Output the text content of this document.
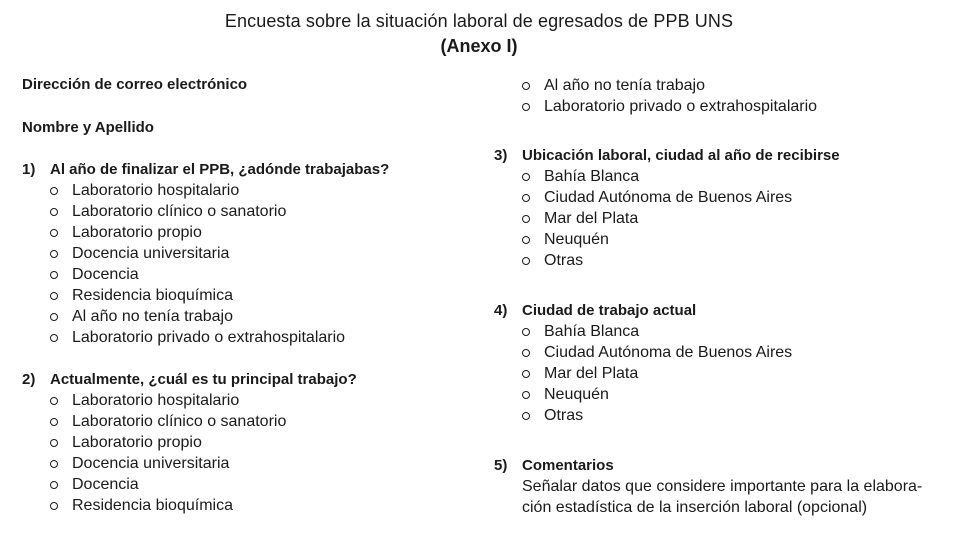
Encuesta sobre la situación laboral de egresados de PPB UNS
(Anexo I)
Dirección de correo electrónico
Nombre y Apellido
1) Al año de finalizar el PPB, ¿adónde trabajabas?
Laboratorio hospitalario
Laboratorio clínico o sanatorio
Laboratorio propio
Docencia universitaria
Docencia
Residencia bioquímica
Al año no tenía trabajo
Laboratorio privado o extrahospitalario
2) Actualmente, ¿cuál es tu principal trabajo?
Laboratorio hospitalario
Laboratorio clínico o sanatorio
Laboratorio propio
Docencia universitaria
Docencia
Residencia bioquímica
Al año no tenía trabajo
Laboratorio privado o extrahospitalario
3) Ubicación laboral, ciudad al año de recibirse
Bahía Blanca
Ciudad Autónoma de Buenos Aires
Mar del Plata
Neuquén
Otras
4) Ciudad de trabajo actual
Bahía Blanca
Ciudad Autónoma de Buenos Aires
Mar del Plata
Neuquén
Otras
5) Comentarios
Señalar datos que considere importante para la elabora-
ción estadística de la inserción laboral (opcional)
